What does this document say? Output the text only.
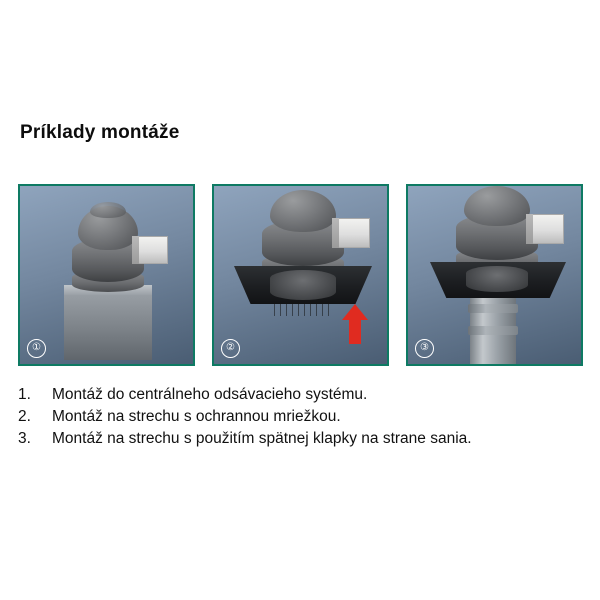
Príklady montáže
①	②	③
1.	Montáž do centrálneho odsávacieho systému.
2.	Montáž na strechu s ochrannou mriežkou.
3.	Montáž na strechu s použitím spätnej klapky na strane sania.
